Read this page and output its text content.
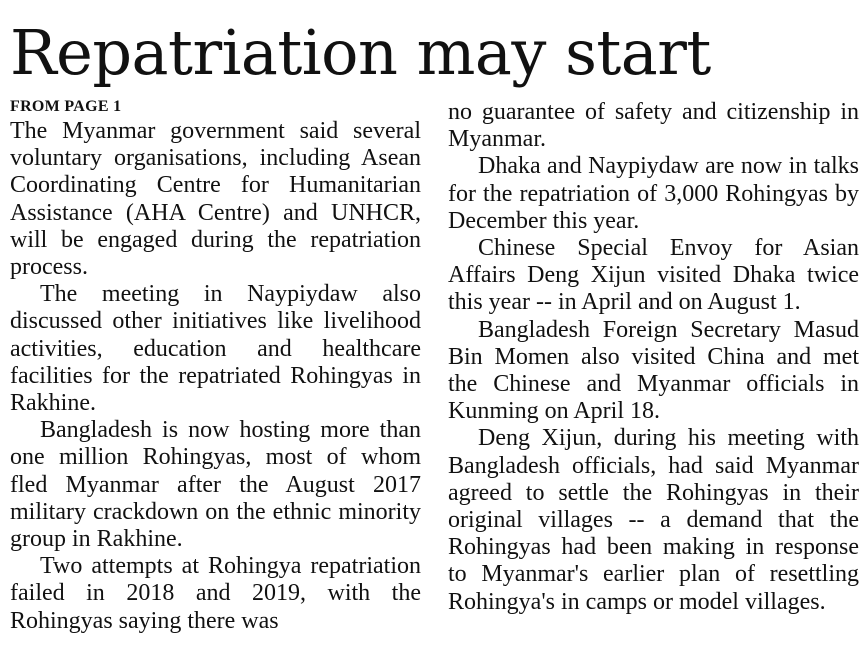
Repatriation may start
FROM PAGE 1

The Myanmar government said several voluntary organisations, including Asean Coordinating Centre for Humanitarian Assistance (AHA Centre) and UNHCR, will be engaged during the repatriation process.

The meeting in Naypiydaw also discussed other initiatives like livelihood activities, education and healthcare facilities for the repatriated Rohingyas in Rakhine.

Bangladesh is now hosting more than one million Rohingyas, most of whom fled Myanmar after the August 2017 military crackdown on the ethnic minority group in Rakhine.

Two attempts at Rohingya repatriation failed in 2018 and 2019, with the Rohingyas saying there was

no guarantee of safety and citizenship in Myanmar.

Dhaka and Naypiydaw are now in talks for the repatriation of 3,000 Rohingyas by December this year.

Chinese Special Envoy for Asian Affairs Deng Xijun visited Dhaka twice this year -- in April and on August 1.

Bangladesh Foreign Secretary Masud Bin Momen also visited China and met the Chinese and Myanmar officials in Kunming on April 18.

Deng Xijun, during his meeting with Bangladesh officials, had said Myanmar agreed to settle the Rohingyas in their original villages -- a demand that the Rohingyas had been making in response to Myanmar's earlier plan of resettling Rohingya's in camps or model villages.
